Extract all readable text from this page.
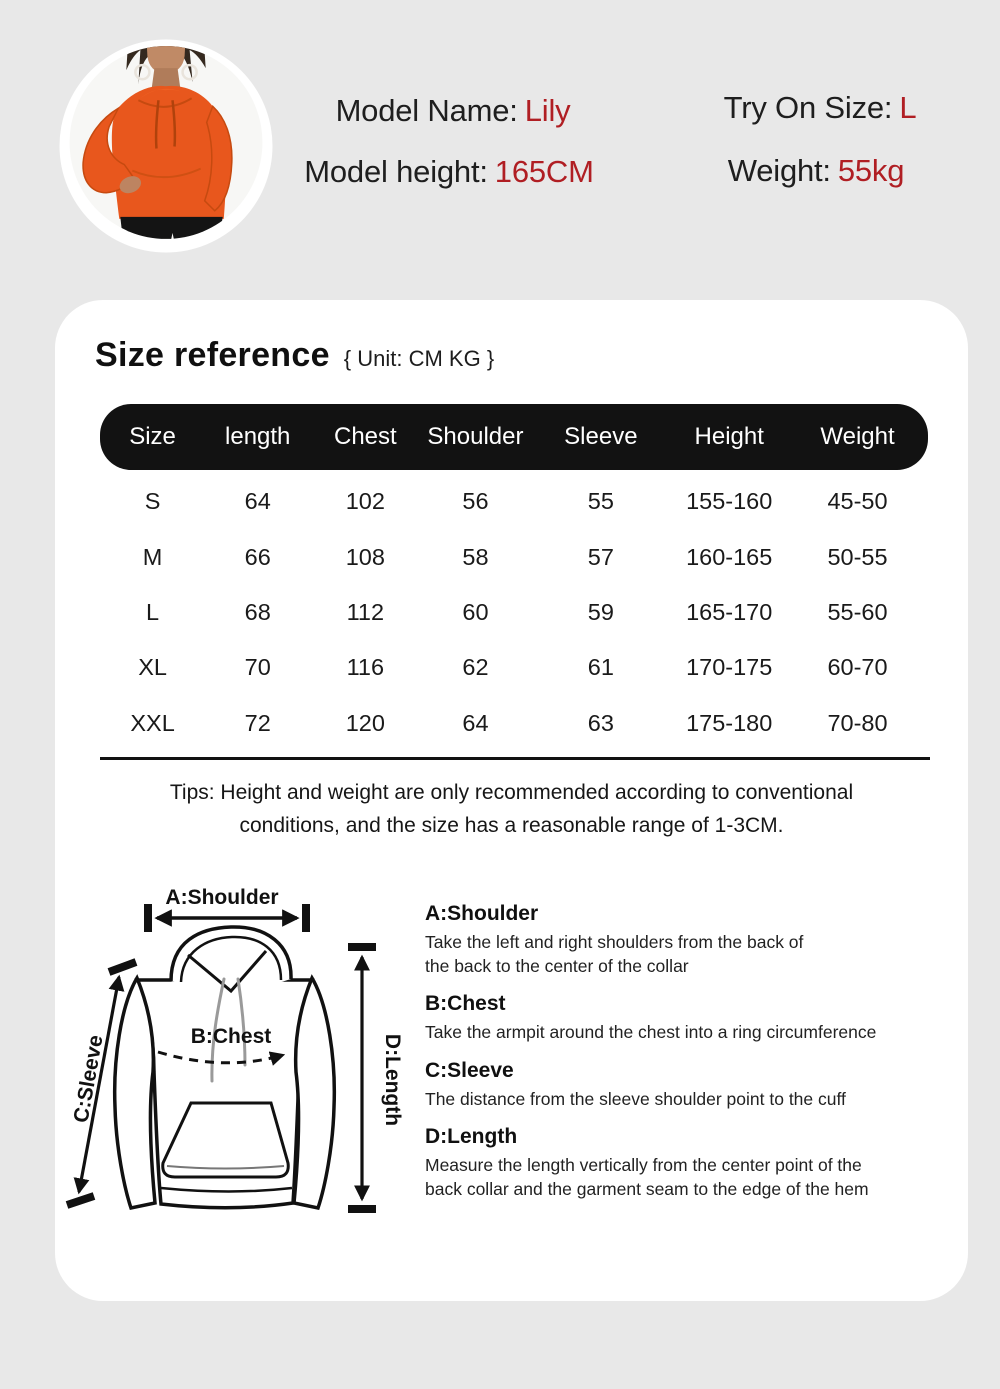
Model Name: Lily	Try On Size: L
Model height: 165CM	Weight: 55kg
Size reference { Unit: CM KG }
Size	length	Chest	Shoulder	Sleeve	Height	Weight
S	64	102	56	55	155-160	45-50
M	66	108	58	57	160-165	50-55
L	68	112	60	59	165-170	55-60
XL	70	116	62	61	170-175	60-70
XXL	72	120	64	63	175-180	70-80
Tips: Height and weight are only recommended according to conventional
conditions, and the size has a reasonable range of 1-3CM.
A:Shoulder
B:Chest
C:Sleeve	D:Length
A:Shoulder
Take the left and right shoulders from the back of
the back to the center of the collar
B:Chest
Take the armpit around the chest into a ring circumference
C:Sleeve
The distance from the sleeve shoulder point to the cuff
D:Length
Measure the length vertically from the center point of the
back collar and the garment seam to the edge of the hem
